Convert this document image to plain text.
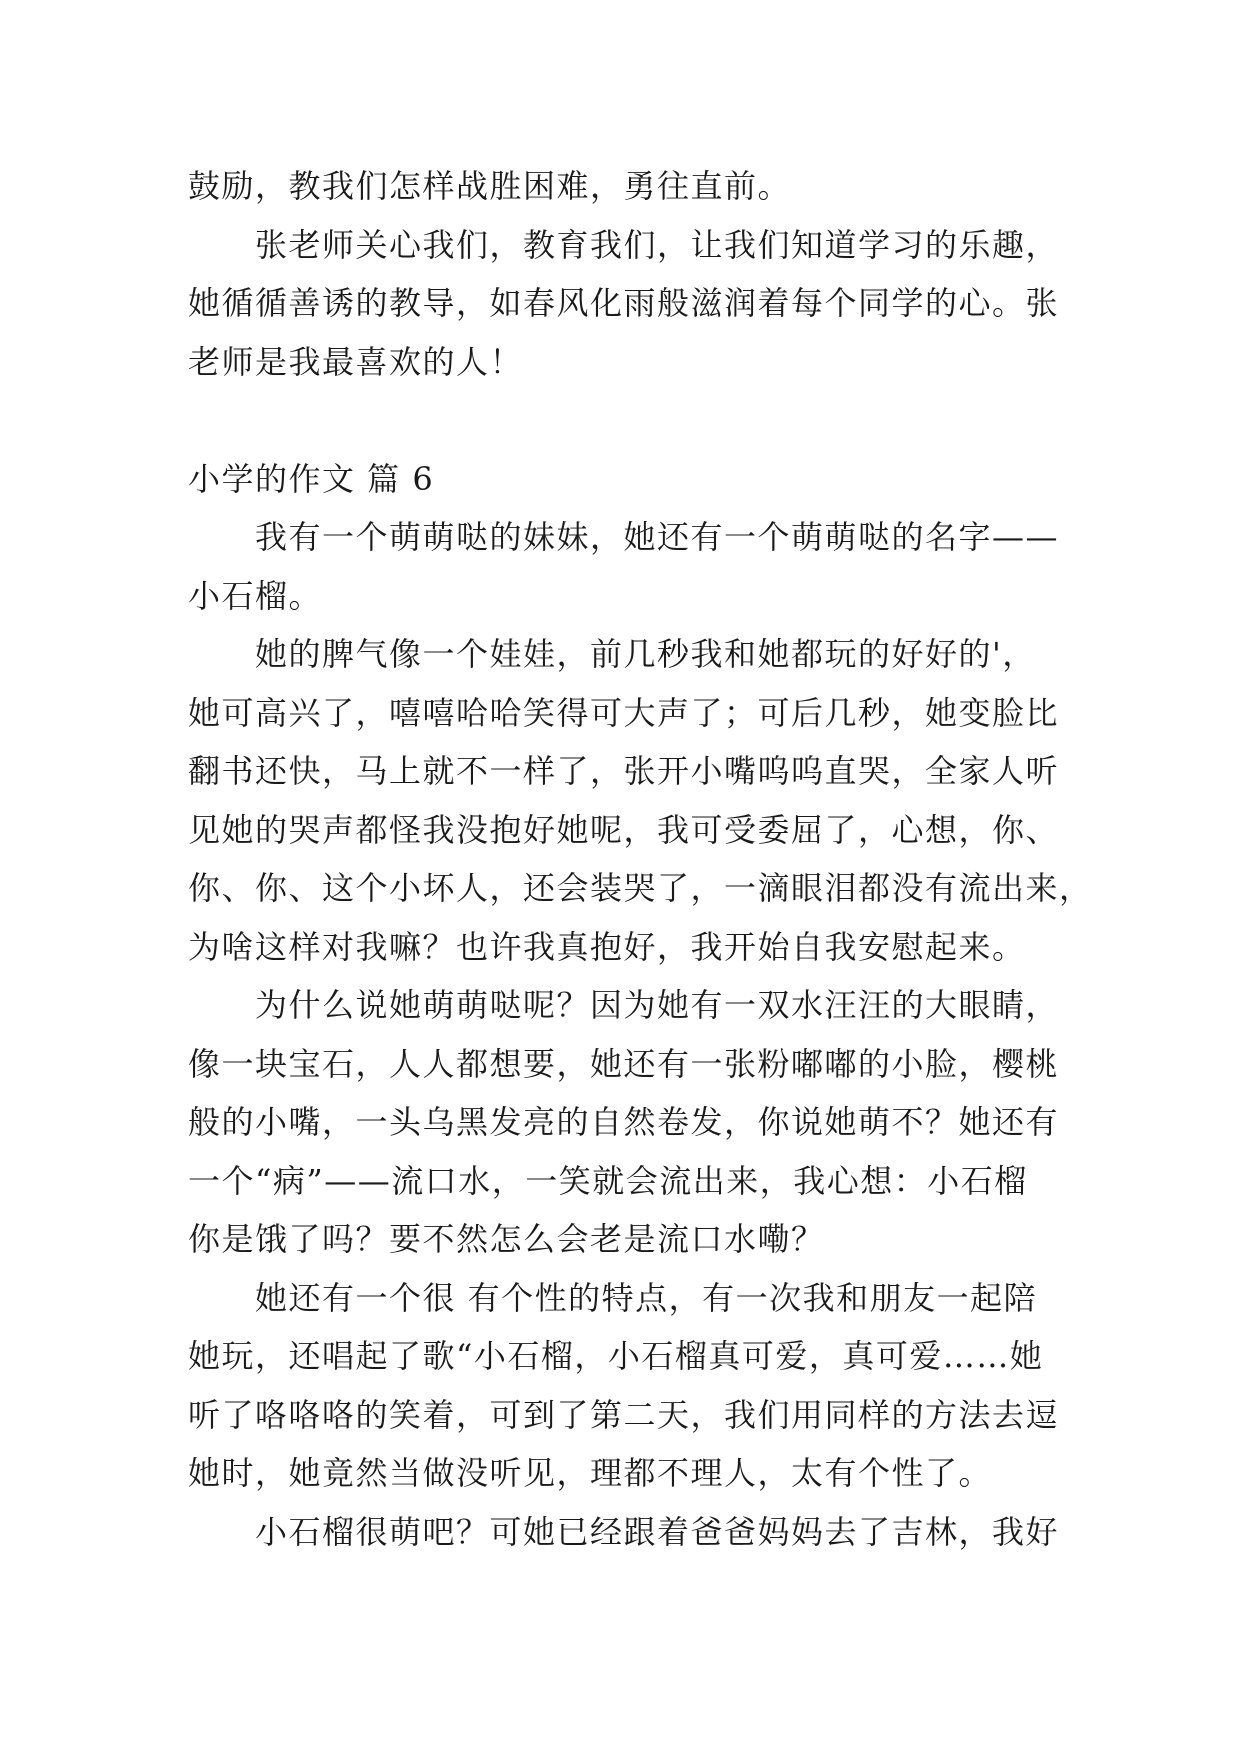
鼓励，教我们怎样战胜困难，勇往直前。
张老师关心我们，教育我们，让我们知道学习的乐趣，
她循循善诱的教导，如春风化雨般滋润着每个同学的心。张
老师是我最喜欢的人！
小学的作文 篇 6
我有一个萌萌哒的妹妹，她还有一个萌萌哒的名字——
小石榴。
她的脾气像一个娃娃，前几秒我和她都玩的好好的'，
她可高兴了，嘻嘻哈哈笑得可大声了；可后几秒，她变脸比
翻书还快，马上就不一样了，张开小嘴呜呜直哭，全家人听
见她的哭声都怪我没抱好她呢，我可受委屈了，心想，你、
你、你、这个小坏人，还会装哭了，一滴眼泪都没有流出来，
为啥这样对我嘛？也许我真抱好，我开始自我安慰起来。
为什么说她萌萌哒呢？因为她有一双水汪汪的大眼睛，
像一块宝石，人人都想要，她还有一张粉嘟嘟的小脸，樱桃
般的小嘴，一头乌黑发亮的自然卷发，你说她萌不？她还有
一个“病”——流口水，一笑就会流出来，我心想：小石榴
你是饿了吗？要不然怎么会老是流口水嘞？
她还有一个很 有个性的特点，有一次我和朋友一起陪
她玩，还唱起了歌“小石榴，小石榴真可爱，真可爱……她
听了咯咯咯的笑着，可到了第二天，我们用同样的方法去逗
她时，她竟然当做没听见，理都不理人，太有个性了。
小石榴很萌吧？可她已经跟着爸爸妈妈去了吉林，我好
